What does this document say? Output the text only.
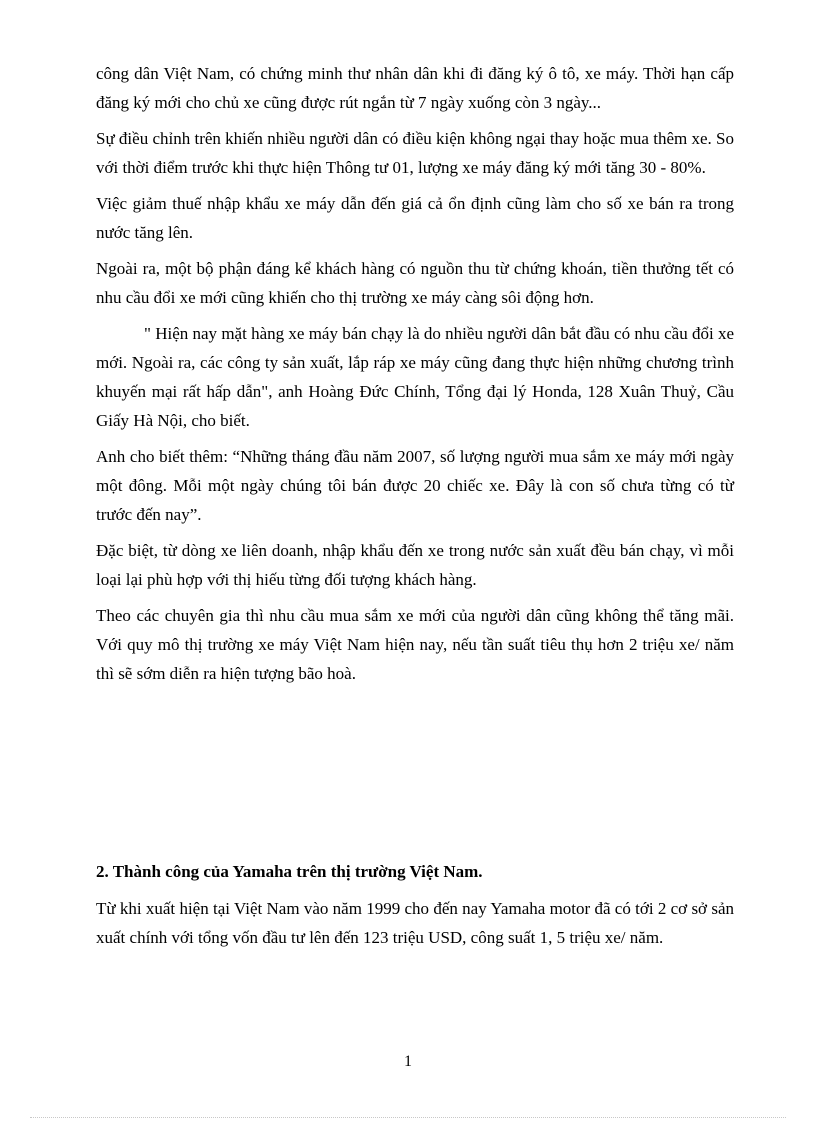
công dân Việt Nam, có chứng minh thư nhân dân khi đi đăng ký ô tô, xe máy. Thời hạn cấp đăng ký mới cho chủ xe cũng được rút ngắn từ 7 ngày xuống còn 3 ngày...

Sự điều chỉnh trên khiến nhiều người dân có điều kiện không ngại thay hoặc mua thêm xe. So với thời điểm trước khi thực hiện Thông tư 01, lượng xe máy đăng ký mới tăng 30 - 80%.

Việc giảm thuế nhập khẩu xe máy dẫn đến giá cả ổn định cũng làm cho số xe bán ra trong nước tăng lên.

Ngoài ra, một bộ phận đáng kể khách hàng có nguồn thu từ chứng khoán, tiền thưởng tết có nhu cầu đổi xe mới cũng khiến cho thị trường xe máy càng sôi động hơn.

" Hiện nay mặt hàng xe máy bán chạy là do nhiều người dân bắt đầu có nhu cầu đổi xe mới. Ngoài ra, các công ty sản xuất, lắp ráp xe máy cũng đang thực hiện những chương trình khuyến mại rất hấp dẫn", anh Hoàng Đức Chính, Tổng đại lý Honda, 128 Xuân Thuỷ, Cầu Giấy Hà Nội, cho biết.

Anh cho biết thêm: “Những tháng đầu năm 2007, số lượng người mua sắm xe máy mới ngày một đông. Mỗi một ngày chúng tôi bán được 20 chiếc xe. Đây là con số chưa từng có từ trước đến nay”.

Đặc biệt, từ dòng xe liên doanh, nhập khẩu đến xe trong nước sản xuất đều bán chạy, vì mỗi loại lại phù hợp với thị hiếu từng đối tượng khách hàng.

Theo các chuyên gia thì nhu cầu mua sắm xe mới của người dân cũng không thể tăng mãi. Với quy mô thị trường xe máy Việt Nam hiện nay, nếu tần suất tiêu thụ hơn 2 triệu xe/ năm thì sẽ sớm diễn ra hiện tượng bão hoà.

2. Thành công của Yamaha trên thị trường Việt Nam.

Từ khi xuất hiện tại Việt Nam vào năm 1999 cho đến nay Yamaha motor đã có tới 2 cơ sở sản xuất chính với tổng vốn đầu tư lên đến 123 triệu USD, công suất 1, 5 triệu xe/ năm.

1
